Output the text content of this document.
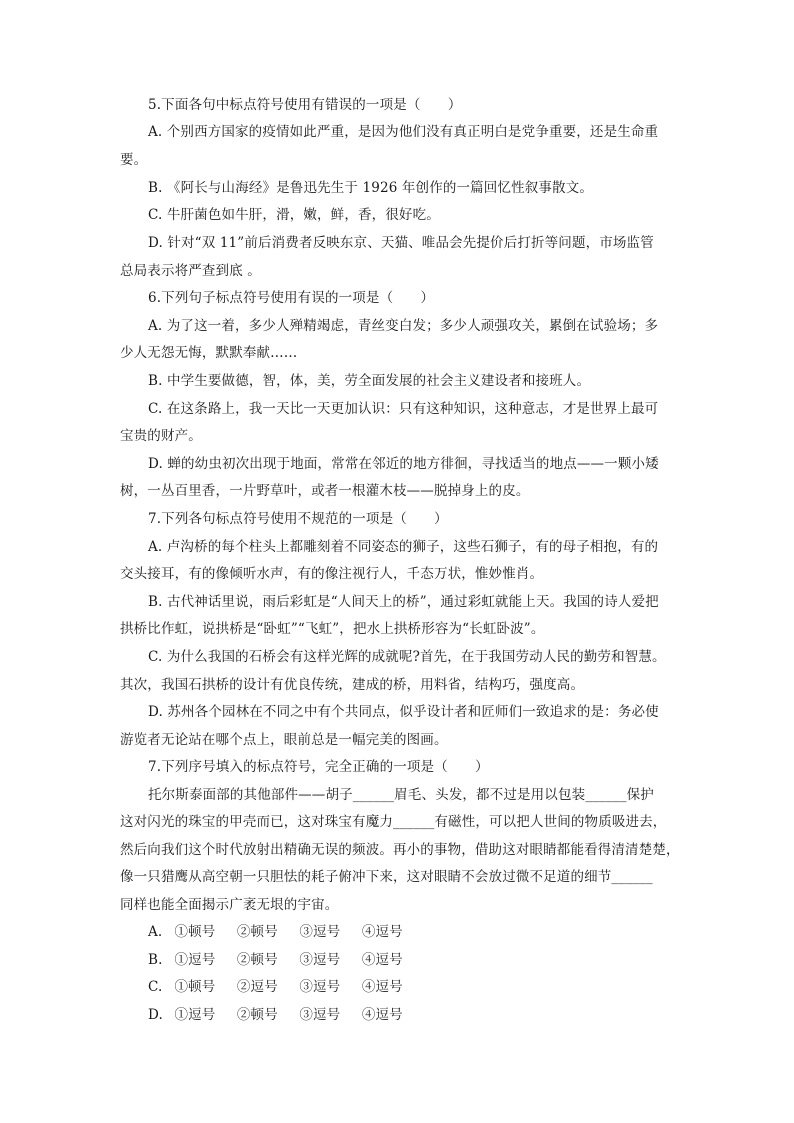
5.下面各句中标点符号使用有错误的一项是（　　）
A. 个别西方国家的疫情如此严重，是因为他们没有真正明白是党争重要，还是生命重
要。
B. 《阿长与山海经》是鲁迅先生于 1926 年创作的一篇回忆性叙事散文。
C. 牛肝菌色如牛肝，滑，嫩，鲜，香，很好吃。
D. 针对“双 11”前后消费者反映东京、天猫、唯品会先提价后打折等问题，市场监管
总局表示将严查到底 。
6.下列句子标点符号使用有误的一项是（　　）
A. 为了这一着，多少人殚精竭虑，青丝变白发；多少人顽强攻关，累倒在试验场；多
少人无怨无悔，默默奉献……
B. 中学生要做德，智，体，美，劳全面发展的社会主义建设者和接班人。
C. 在这条路上，我一天比一天更加认识：只有这种知识，这种意志，才是世界上最可
宝贵的财产。
D. 蝉的幼虫初次出现于地面，常常在邻近的地方徘徊，寻找适当的地点——一颗小矮
树，一丛百里香，一片野草叶，或者一根灌木枝——脱掉身上的皮。
7.下列各句标点符号使用不规范的一项是（　　）
A. 卢沟桥的每个柱头上都雕刻着不同姿态的狮子，这些石狮子，有的母子相抱，有的
交头接耳，有的像倾听水声，有的像注视行人，千态万状，惟妙惟肖。
B. 古代神话里说，雨后彩虹是“人间天上的桥”，通过彩虹就能上天。我国的诗人爱把
拱桥比作虹，说拱桥是“卧虹”“飞虹”，把水上拱桥形容为“长虹卧波”。
C. 为什么我国的石桥会有这样光辉的成就呢?首先，在于我国劳动人民的勤劳和智慧。
其次，我国石拱桥的设计有优良传统，建成的桥，用料省，结构巧，强度高。
D. 苏州各个园林在不同之中有个共同点，似乎设计者和匠师们一致追求的是：务必使
游览者无论站在哪个点上，眼前总是一幅完美的图画。
7.下列序号填入的标点符号，完全正确的一项是（　　）
托尔斯泰面部的其他部件——胡子______眉毛、头发，都不过是用以包装______保护
这对闪光的珠宝的甲壳而已，这对珠宝有魔力______有磁性，可以把人世间的物质吸进去，
然后向我们这个时代放射出精确无误的频波。再小的事物，借助这对眼睛都能看得清清楚楚，
像一只猎鹰从高空朝一只胆怯的耗子俯冲下来，这对眼睛不会放过微不足道的细节______
同样也能全面揭示广袤无垠的宇宙。
A. ①顿号 ②顿号 ③逗号 ④逗号
B. ①逗号 ②顿号 ③逗号 ④逗号
C. ①顿号 ②逗号 ③逗号 ④逗号
D. ①逗号 ②顿号 ③逗号 ④逗号
